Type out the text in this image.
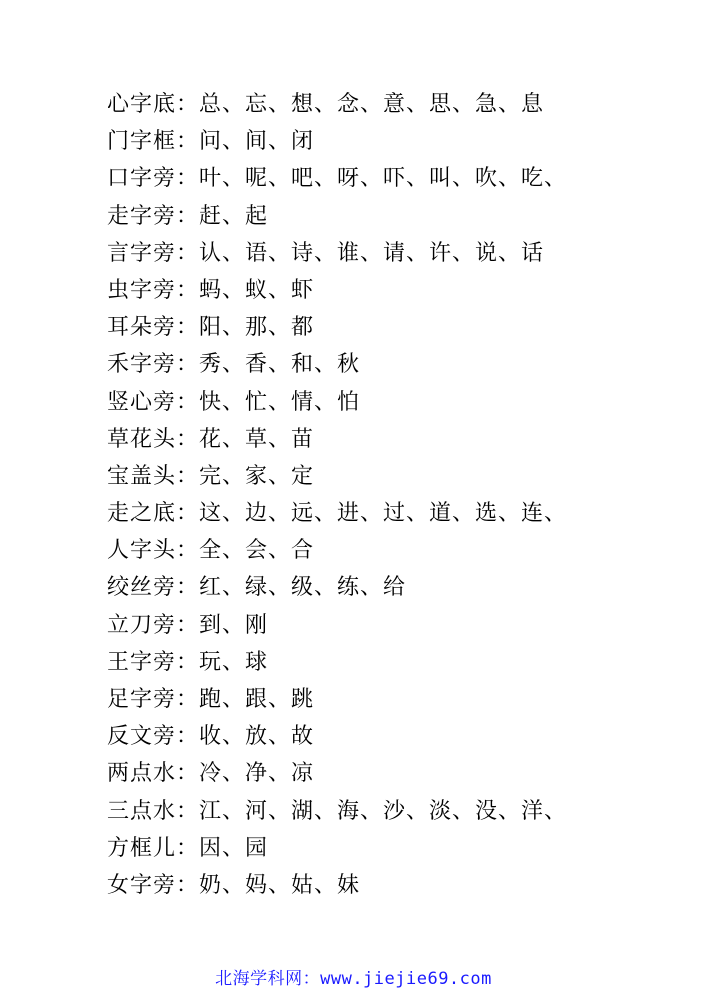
心字底：总、忘、想、念、意、思、急、息
门字框：问、间、闭
口字旁：叶、呢、吧、呀、吓、叫、吹、吃、
走字旁：赶、起
言字旁：认、语、诗、谁、请、许、说、话
虫字旁：蚂、蚁、虾
耳朵旁：阳、那、都
禾字旁：秀、香、和、秋
竖心旁：快、忙、情、怕
草花头：花、草、苗
宝盖头：完、家、定
走之底：这、边、远、进、过、道、选、连、
人字头：全、会、合
绞丝旁：红、绿、级、练、给
立刀旁：到、刚
王字旁：玩、球
足字旁：跑、跟、跳
反文旁：收、放、故
两点水：冷、净、凉
三点水：江、河、湖、海、沙、淡、没、洋、
方框儿：因、园
女字旁：奶、妈、姑、妹
北海学科网：www.jiejie69.com
